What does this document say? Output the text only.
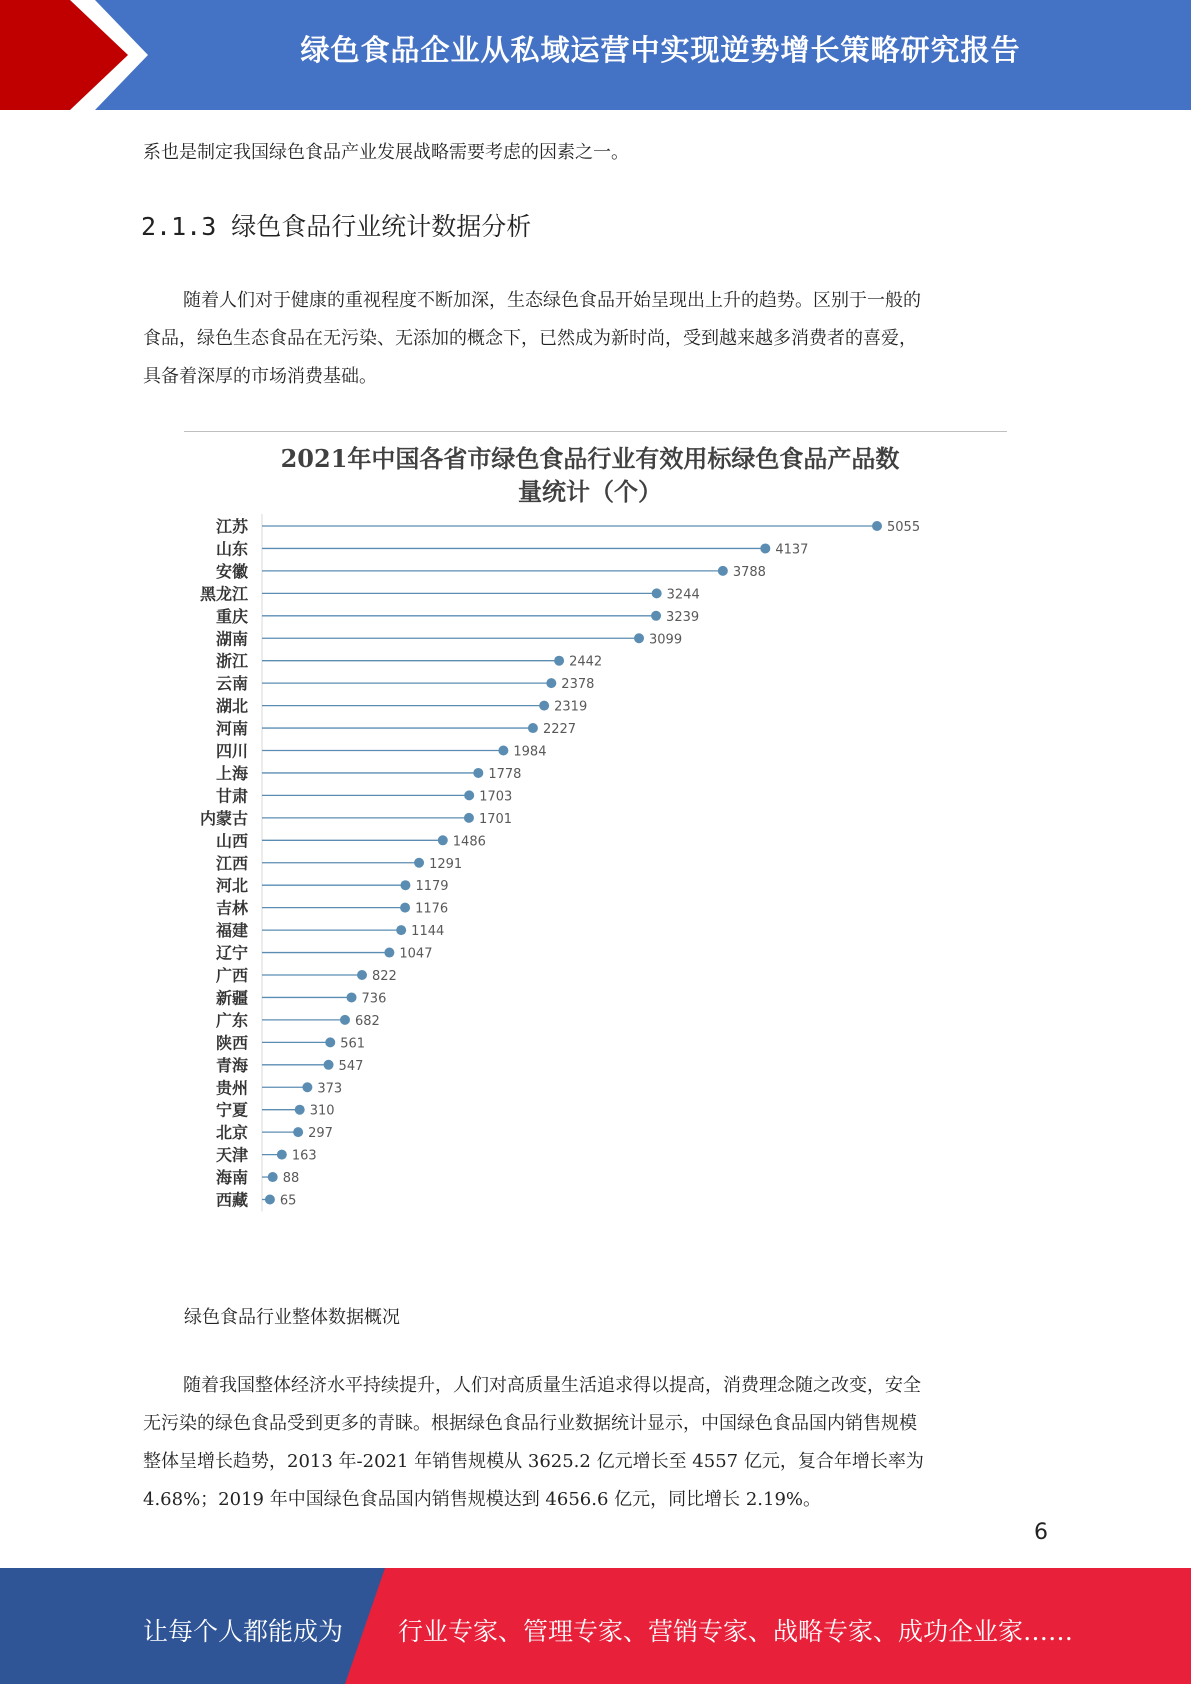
绿色食品企业从私域运营中实现逆势增长策略研究报告
系也是制定我国绿色食品产业发展战略需要考虑的因素之一。
2.1.3 绿色食品行业统计数据分析
随着人们对于健康的重视程度不断加深，生态绿色食品开始呈现出上升的趋势。区别于一般的
食品，绿色生态食品在无污染、无添加的概念下，已然成为新时尚，受到越来越多消费者的喜爱，
具备着深厚的市场消费基础。
2021年中国各省市绿色食品行业有效用标绿色食品产品数
量统计（个）
江苏	5055
山东	4137
安徽	3788
黑龙江	3244
重庆	3239
湖南	3099
浙江	2442
云南	2378
湖北	2319
河南	2227
四川	1984
上海	1778
甘肃	1703
内蒙古	1701
山西	1486
江西	1291
河北	1179
吉林	1176
福建	1144
辽宁	1047
广西	822
新疆	736
广东	682
陕西	561
青海	547
贵州	373
宁夏	310
北京	297
天津	163
海南	88
西藏 65
绿色食品行业整体数据概况
随着我国整体经济水平持续提升，人们对高质量生活追求得以提高，消费理念随之改变，安全
无污染的绿色食品受到更多的青睐。根据绿色食品行业数据统计显示，中国绿色食品国内销售规模
整体呈增长趋势，2013 年-2021 年销售规模从 3625.2 亿元增长至 4557 亿元，复合年增长率为
4.68%；2019 年中国绿色食品国内销售规模达到 4656.6 亿元，同比增长 2.19%。
6
让每个人都能成为 行业专家、管理专家、营销专家、战略专家、成功企业家……
